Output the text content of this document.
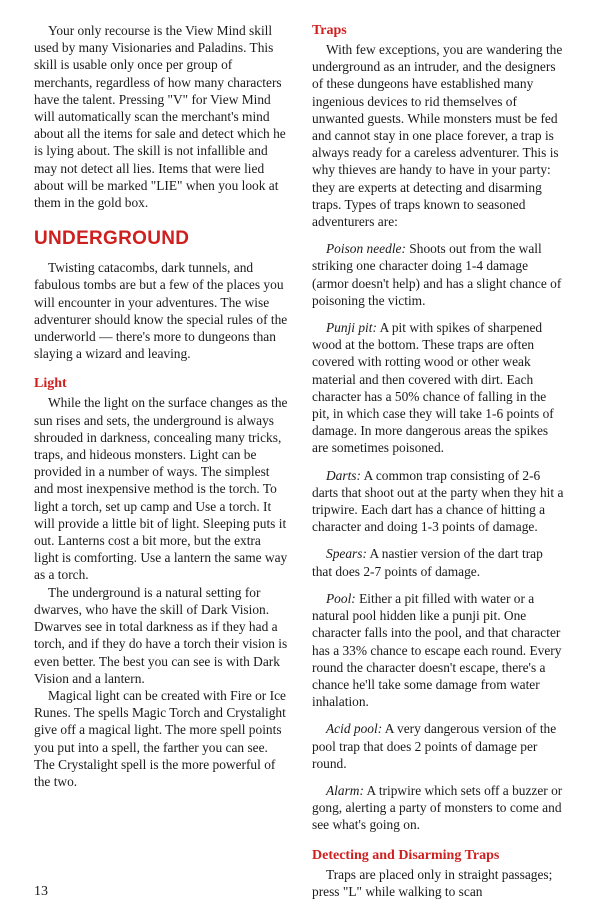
Your only recourse is the View Mind skill used by many Visionaries and Paladins. This skill is usable only once per group of merchants, regardless of how many characters have the talent. Pressing "V" for View Mind will automatically scan the merchant's mind about all the items for sale and detect which he is lying about. The skill is not infallible and may not detect all lies. Items that were lied about will be marked "LIE" when you look at them in the gold box.

UNDERGROUND

Twisting catacombs, dark tunnels, and fabulous tombs are but a few of the places you will encounter in your adventures. The wise adventurer should know the special rules of the underworld — there's more to dungeons than slaying a wizard and leaving.

Light

While the light on the surface changes as the sun rises and sets, the underground is always shrouded in darkness, concealing many tricks, traps, and hideous monsters. Light can be provided in a number of ways. The simplest and most inexpensive method is the torch. To light a torch, set up camp and Use a torch. It will provide a little bit of light. Sleeping puts it out. Lanterns cost a bit more, but the extra light is comforting. Use a lantern the same way as a torch.

The underground is a natural setting for dwarves, who have the skill of Dark Vision. Dwarves see in total darkness as if they had a torch, and if they do have a torch their vision is even better. The best you can see is with Dark Vision and a lantern.

Magical light can be created with Fire or Ice Runes. The spells Magic Torch and Crystalight give off a magical light. The more spell points you put into a spell, the farther you can see. The Crystalight spell is the more powerful of the two.

Traps

With few exceptions, you are wandering the underground as an intruder, and the designers of these dungeons have established many ingenious devices to rid themselves of unwanted guests. While monsters must be fed and cannot stay in one place forever, a trap is always ready for a careless adventurer. This is why thieves are handy to have in your party: they are experts at detecting and disarming traps. Types of traps known to seasoned adventurers are:

Poison needle: Shoots out from the wall striking one character doing 1-4 damage (armor doesn't help) and has a slight chance of poisoning the victim.

Punji pit: A pit with spikes of sharpened wood at the bottom. These traps are often covered with rotting wood or other weak material and then covered with dirt. Each character has a 50% chance of falling in the pit, in which case they will take 1-6 points of damage. In more dangerous areas the spikes are sometimes poisoned.

Darts: A common trap consisting of 2-6 darts that shoot out at the party when they hit a tripwire. Each dart has a chance of hitting a character and doing 1-3 points of damage.

Spears: A nastier version of the dart trap that does 2-7 points of damage.

Pool: Either a pit filled with water or a natural pool hidden like a punji pit. One character falls into the pool, and that character has a 33% chance to escape each round. Every round the character doesn't escape, there's a chance he'll take some damage from water inhalation.

Acid pool: A very dangerous version of the pool trap that does 2 points of damage per round.

Alarm: A tripwire which sets off a buzzer or gong, alerting a party of monsters to come and see what's going on.

Detecting and Disarming Traps

Traps are placed only in straight passages; press "L" while walking to scan

13
